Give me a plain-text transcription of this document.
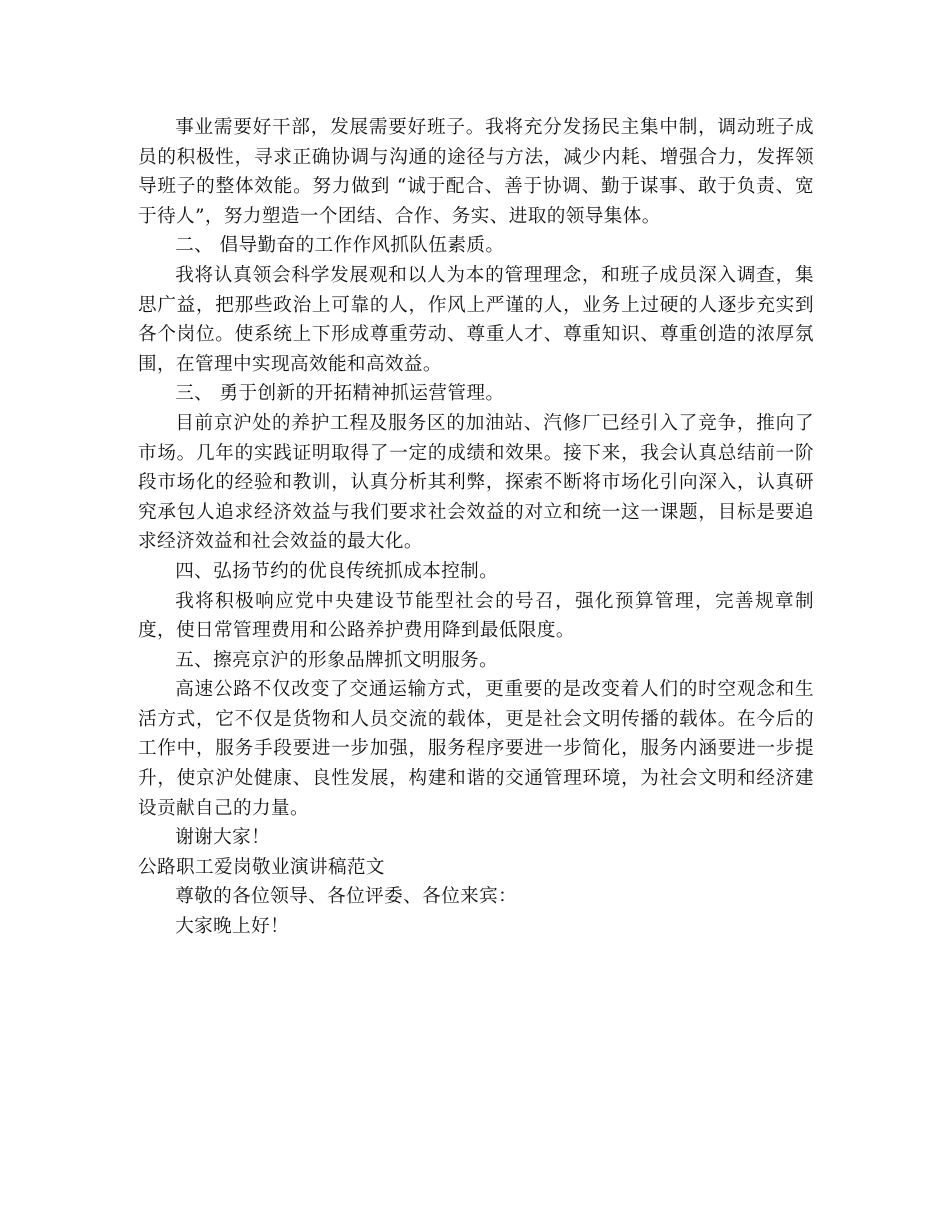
事业需要好干部，发展需要好班子。我将充分发扬民主集中制，调动班子成员的积极性，寻求正确协调与沟通的途径与方法，减少内耗、增强合力，发挥领导班子的整体效能。努力做到 “诚于配合、善于协调、勤于谋事、敢于负责、宽于待人”，努力塑造一个团结、合作、务实、进取的领导集体。

二、 倡导勤奋的工作作风抓队伍素质。

我将认真领会科学发展观和以人为本的管理理念，和班子成员深入调查，集思广益，把那些政治上可靠的人，作风上严谨的人，业务上过硬的人逐步充实到各个岗位。使系统上下形成尊重劳动、尊重人才、尊重知识、尊重创造的浓厚氛围，在管理中实现高效能和高效益。

三、 勇于创新的开拓精神抓运营管理。

目前京沪处的养护工程及服务区的加油站、汽修厂已经引入了竞争，推向了市场。几年的实践证明取得了一定的成绩和效果。接下来，我会认真总结前一阶段市场化的经验和教训，认真分析其利弊，探索不断将市场化引向深入，认真研究承包人追求经济效益与我们要求社会效益的对立和统一这一课题，目标是要追求经济效益和社会效益的最大化。

四、弘扬节约的优良传统抓成本控制。

我将积极响应党中央建设节能型社会的号召，强化预算管理，完善规章制度，使日常管理费用和公路养护费用降到最低限度。

五、擦亮京沪的形象品牌抓文明服务。

高速公路不仅改变了交通运输方式，更重要的是改变着人们的时空观念和生活方式，它不仅是货物和人员交流的载体，更是社会文明传播的载体。在今后的工作中，服务手段要进一步加强，服务程序要进一步简化，服务内涵要进一步提升，使京沪处健康、良性发展，构建和谐的交通管理环境，为社会文明和经济建设贡献自己的力量。

谢谢大家！

公路职工爱岗敬业演讲稿范文

尊敬的各位领导、各位评委、各位来宾：

大家晚上好！
